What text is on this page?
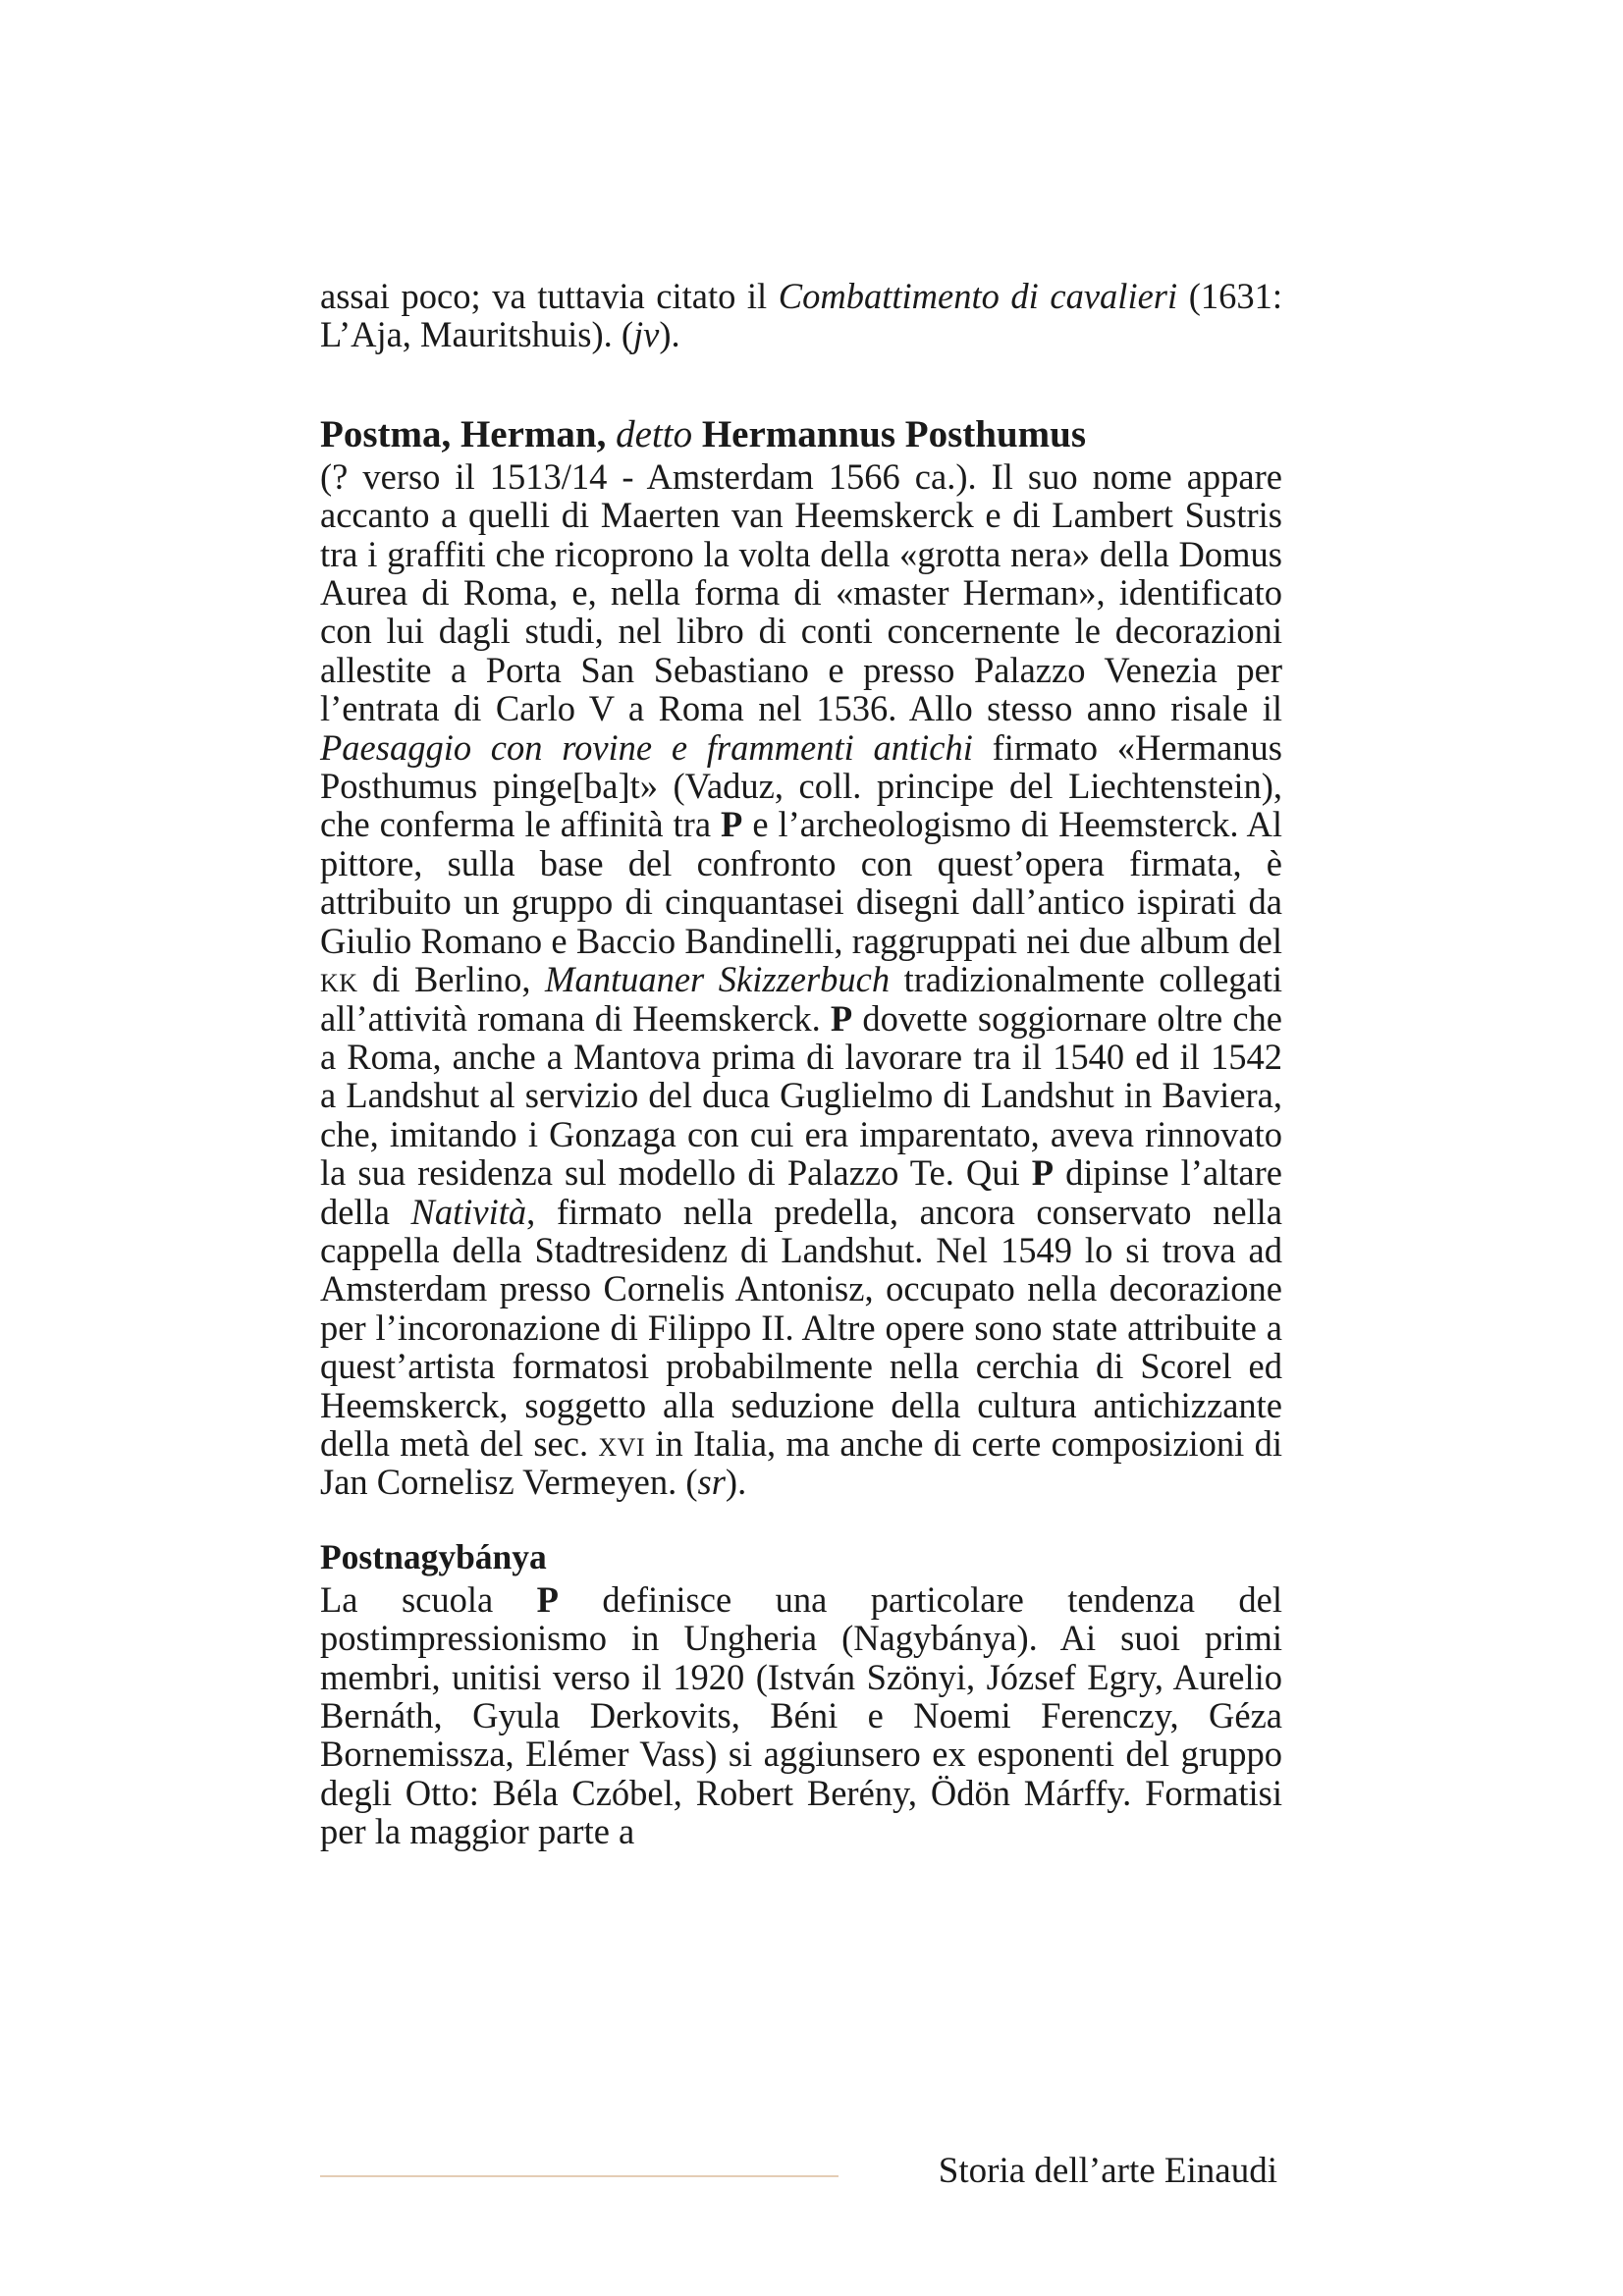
assai poco; va tuttavia citato il Combattimento di cavalieri (1631: L’Aja, Mauritshuis). (jv).

Postma, Herman, detto Hermannus Posthumus

(? verso il 1513/14 - Amsterdam 1566 ca.). Il suo nome appare accanto a quelli di Maerten van Heemskerck e di Lambert Sustris tra i graffiti che ricoprono la volta della «grotta nera» della Domus Aurea di Roma, e, nella forma di «master Herman», identificato con lui dagli studi, nel libro di conti concernente le decorazioni allestite a Porta San Sebastiano e presso Palazzo Venezia per l’entrata di Carlo V a Roma nel 1536. Allo stesso anno risale il Paesaggio con rovine e frammenti antichi firmato «Hermanus Posthumus pinge[ba]t» (Vaduz, coll. principe del Liechtenstein), che conferma le affinità tra P e l’archeologismo di Heemsterck. Al pittore, sulla base del confronto con quest’opera firmata, è attribuito un gruppo di cinquantasei disegni dall’antico ispirati da Giulio Romano e Baccio Bandinelli, raggruppati nei due album del kk di Berlino, Mantuaner Skizzerbuch tradizionalmente collegati all’attività romana di Heemskerck. P dovette soggiornare oltre che a Roma, anche a Mantova prima di lavorare tra il 1540 ed il 1542 a Landshut al servizio del duca Guglielmo di Landshut in Baviera, che, imitando i Gonzaga con cui era imparentato, aveva rinnovato la sua residenza sul modello di Palazzo Te. Qui P dipinse l’altare della Natività, firmato nella predella, ancora conservato nella cappella della Stadtresidenz di Landshut. Nel 1549 lo si trova ad Amsterdam presso Cornelis Antonisz, occupato nella decorazione per l’incoronazione di Filippo II. Altre opere sono state attribuite a quest’artista formatosi probabilmente nella cerchia di Scorel ed Heemskerck, soggetto alla seduzione della cultura antichizzante della metà del sec. xvi in Italia, ma anche di certe composizioni di Jan Cornelisz Vermeyen. (sr).

Postnagybánya

La scuola P definisce una particolare tendenza del postimpressionismo in Ungheria (Nagybánya). Ai suoi primi membri, unitisi verso il 1920 (István Szönyi, József Egry, Aurelio Bernáth, Gyula Derkovits, Béni e Noemi Ferenczy, Géza Bornemissza, Elémer Vass) si aggiunsero ex esponenti del gruppo degli Otto: Béla Czóbel, Robert Berény, Ödön Márffy. Formatisi per la maggior parte a

Storia dell’arte Einaudi
